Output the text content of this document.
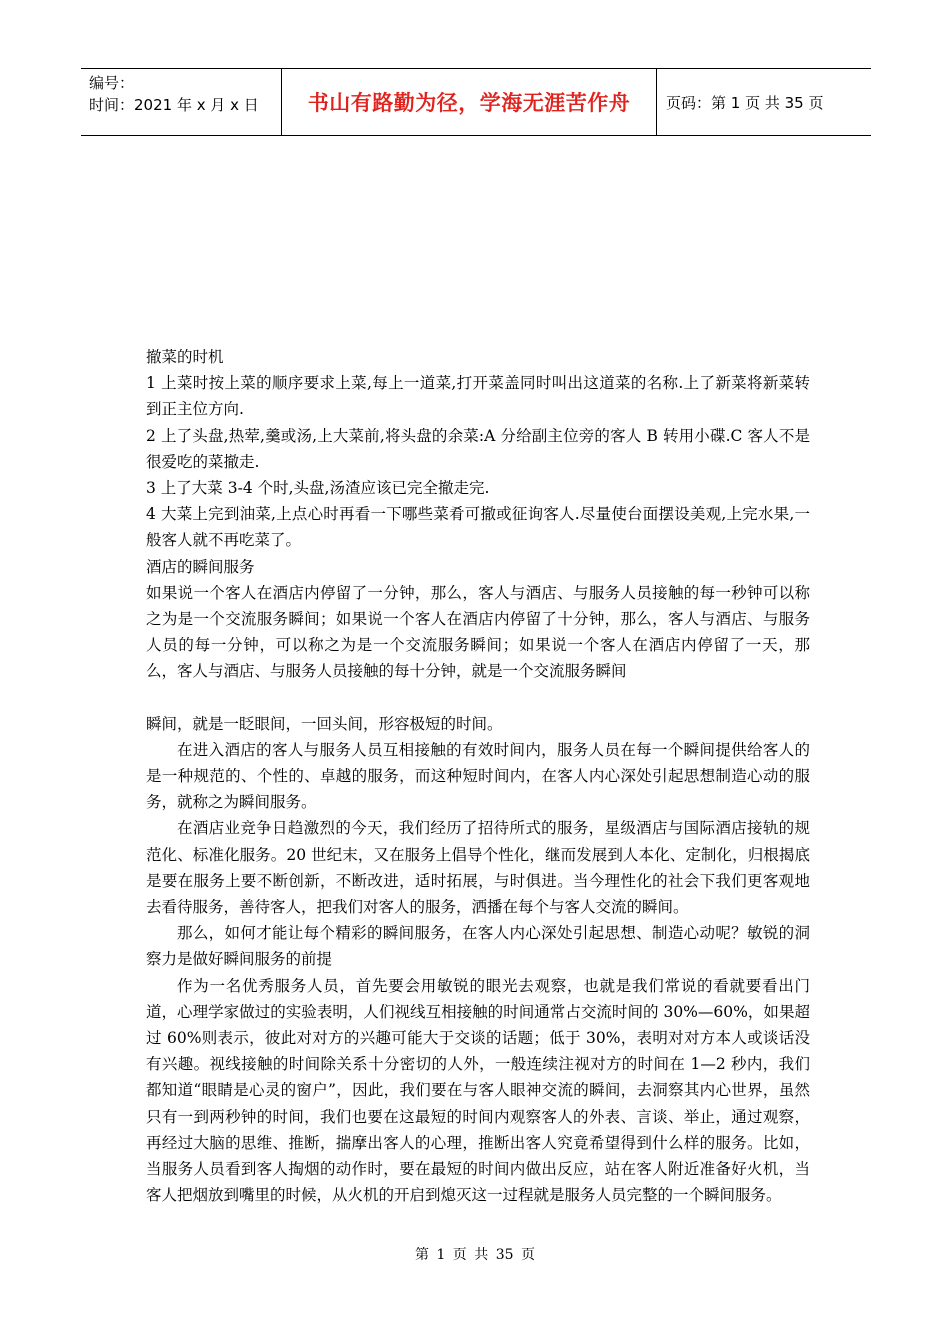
编号：
时间：2021 年 x 月 x 日	书山有路勤为径，学海无涯苦作舟	页码：第 1 页 共 35 页

撤菜的时机

1 上菜时按上菜的顺序要求上菜,每上一道菜,打开菜盖同时叫出这道菜的名称.上了新菜将新菜转到正主位方向.

2 上了头盘,热荤,羹或汤,上大菜前,将头盘的余菜:A 分给副主位旁的客人 B 转用小碟.C 客人不是很爱吃的菜撤走.

3 上了大菜 3-4 个时,头盘,汤渣应该已完全撤走完.

4 大菜上完到油菜,上点心时再看一下哪些菜肴可撤或征询客人.尽量使台面摆设美观,上完水果,一般客人就不再吃菜了。

酒店的瞬间服务

如果说一个客人在酒店内停留了一分钟，那么，客人与酒店、与服务人员接触的每一秒钟可以称之为是一个交流服务瞬间；如果说一个客人在酒店内停留了十分钟，那么，客人与酒店、与服务人员的每一分钟，可以称之为是一个交流服务瞬间；如果说一个客人在酒店内停留了一天，那么，客人与酒店、与服务人员接触的每十分钟，就是一个交流服务瞬间

瞬间，就是一眨眼间，一回头间，形容极短的时间。

在进入酒店的客人与服务人员互相接触的有效时间内，服务人员在每一个瞬间提供给客人的是一种规范的、个性的、卓越的服务，而这种短时间内，在客人内心深处引起思想制造心动的服务，就称之为瞬间服务。

在酒店业竞争日趋激烈的今天，我们经历了招待所式的服务，星级酒店与国际酒店接轨的规范化、标准化服务。20 世纪末，又在服务上倡导个性化，继而发展到人本化、定制化，归根揭底是要在服务上要不断创新，不断改进，适时拓展，与时俱进。当今理性化的社会下我们更客观地去看待服务，善待客人，把我们对客人的服务，洒播在每个与客人交流的瞬间。

那么，如何才能让每个精彩的瞬间服务，在客人内心深处引起思想、制造心动呢？敏锐的洞察力是做好瞬间服务的前提

作为一名优秀服务人员，首先要会用敏锐的眼光去观察，也就是我们常说的看就要看出门道，心理学家做过的实验表明，人们视线互相接触的时间通常占交流时间的 30%—60%，如果超过 60%则表示，彼此对对方的兴趣可能大于交谈的话题；低于 30%，表明对对方本人或谈话没有兴趣。视线接触的时间除关系十分密切的人外，一般连续注视对方的时间在 1—2 秒内，我们都知道“眼睛是心灵的窗户”，因此，我们要在与客人眼神交流的瞬间，去洞察其内心世界，虽然只有一到两秒钟的时间，我们也要在这最短的时间内观察客人的外表、言谈、举止，通过观察，再经过大脑的思维、推断，揣摩出客人的心理，推断出客人究竟希望得到什么样的服务。比如，当服务人员看到客人掏烟的动作时，要在最短的时间内做出反应，站在客人附近准备好火机，当客人把烟放到嘴里的时候，从火机的开启到熄灭这一过程就是服务人员完整的一个瞬间服务。

第 1 页 共 35 页
